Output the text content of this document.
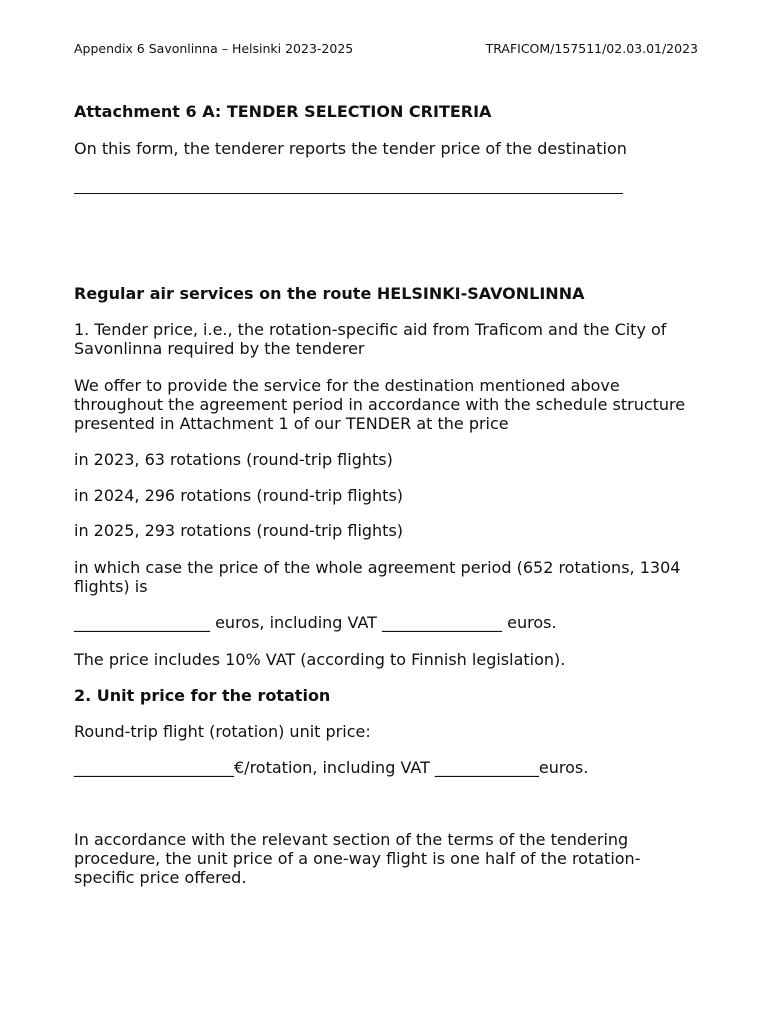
Appendix 6 Savonlinna – Helsinki 2023-2025	TRAFICOM/157511/02.03.01/2023

Attachment 6 A: TENDER SELECTION CRITERIA

On this form, the tenderer reports the tender price of the destination

Regular air services on the route HELSINKI-SAVONLINNA

1. Tender price, i.e., the rotation-specific aid from Traficom and the City of Savonlinna required by the tenderer

We offer to provide the service for the destination mentioned above throughout the agreement period in accordance with the schedule structure presented in Attachment 1 of our TENDER at the price

in 2023, 63 rotations (round-trip flights)

in 2024, 296 rotations (round-trip flights)

in 2025, 293 rotations (round-trip flights)

in which case the price of the whole agreement period (652 rotations, 1304 flights) is

_________________ euros, including VAT _______________ euros.

The price includes 10% VAT (according to Finnish legislation).

2. Unit price for the rotation

Round-trip flight (rotation) unit price:

____________________€/rotation, including VAT _____________euros.

In accordance with the relevant section of the terms of the tendering procedure, the unit price of a one-way flight is one half of the rotation-specific price offered.
